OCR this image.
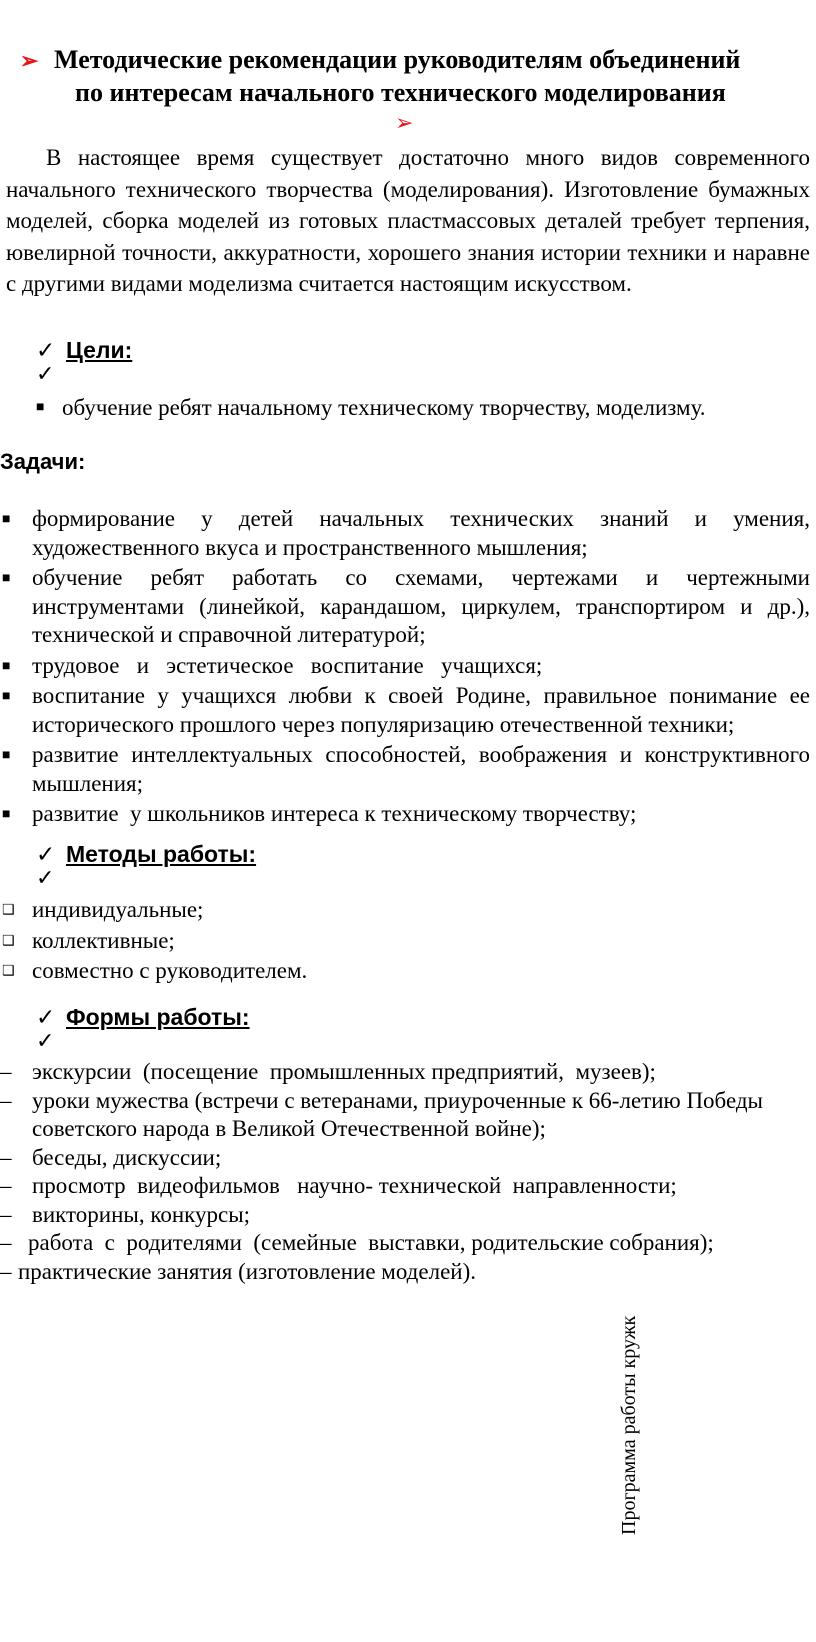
➢ Методические рекомендации руководителям объединений
по интересам начального технического моделирования
➢

В настоящее время существует достаточно много видов современного начального технического творчества (моделирования). Изготовление бумажных моделей, сборка моделей из готовых пластмассовых деталей требует терпения, ювелирной точности, аккуратности, хорошего знания истории техники и наравне с другими видами моделизма считается настоящим искусством.

✓ Цели:
✓
■ обучение ребят начальному техническому творчеству, моделизму.
Задачи:
■ формирование у детей начальных технических знаний и умения, художественного вкуса и пространственного мышления;
■ обучение ребят работать со схемами, чертежами и чертежными инструментами (линейкой, карандашом, циркулем, транспортиром и др.), технической и справочной литературой;
■ трудовое   и   эстетическое   воспитание   учащихся;
■ воспитание у учащихся любви к своей Родине, правильное понимание ее исторического прошлого через популяризацию отечественной техники;
■ развитие интеллектуальных способностей, воображения и конструктивного мышления;
■ развитие  у школьников интереса к техническому творчеству;
✓ Методы работы:
✓
❑ индивидуальные;
❑ коллективные;
❑ совместно с руководителем.
✓ Формы работы:
✓
– экскурсии  (посещение  промышленных предприятий,  музеев);
– уроки мужества (встречи с ветеранами, приуроченные к 66-летию Победы советского народа в Великой Отечественной войне);
– беседы, дискуссии;
– просмотр  видеофильмов   научно- технической  направленности;
– викторины, конкурсы;
– работа  с  родителями  (семейные  выставки, родительские собрания);
– практические занятия (изготовление моделей).
Программа работы кружк
